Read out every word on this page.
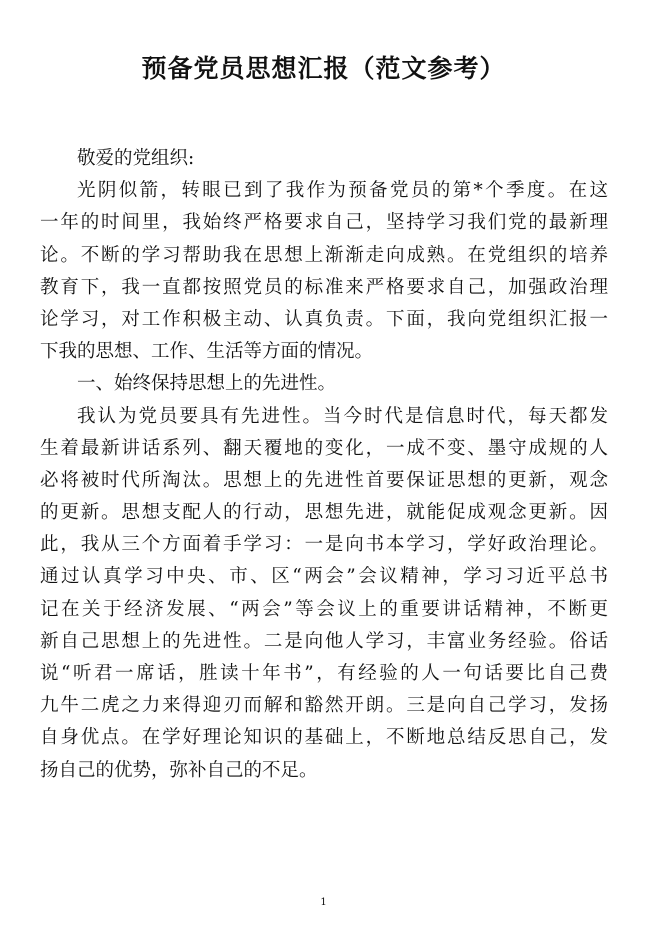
预备党员思想汇报（范文参考）
敬爱的党组织:
光阴似箭，转眼已到了我作为预备党员的第*个季度。在这
一年的时间里，我始终严格要求自己，坚持学习我们党的最新理
论。不断的学习帮助我在思想上渐渐走向成熟。在党组织的培养
教育下，我一直都按照党员的标准来严格要求自己，加强政治理
论学习，对工作积极主动、认真负责。下面，我向党组织汇报一
下我的思想、工作、生活等方面的情况。
一、始终保持思想上的先进性。
我认为党员要具有先进性。当今时代是信息时代，每天都发
生着最新讲话系列、翻天覆地的变化，一成不变、墨守成规的人
必将被时代所淘汰。思想上的先进性首要保证思想的更新，观念
的更新。思想支配人的行动，思想先进，就能促成观念更新。因
此，我从三个方面着手学习：一是向书本学习，学好政治理论。
通过认真学习中央、市、区“两会”会议精神，学习习近平总书
记在关于经济发展、“两会”等会议上的重要讲话精神，不断更
新自己思想上的先进性。二是向他人学习，丰富业务经验。俗话
说“听君一席话，胜读十年书”，有经验的人一句话要比自己费
九牛二虎之力来得迎刃而解和豁然开朗。三是向自己学习，发扬
自身优点。在学好理论知识的基础上，不断地总结反思自己，发
扬自己的优势，弥补自己的不足。
1
